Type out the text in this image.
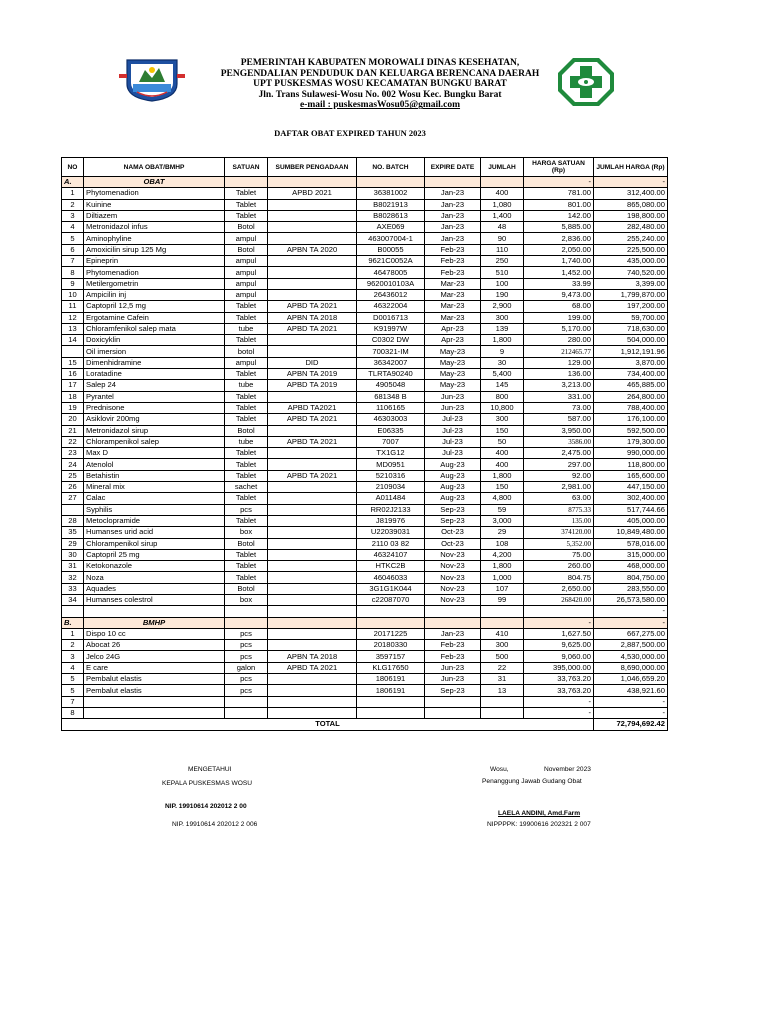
PEMERINTAH KABUPATEN MOROWALI DINAS KESEHATAN,
PENGENDALIAN PENDUDUK DAN KELUARGA BERENCANA DAERAH
UPT PUSKESMAS WOSU KECAMATAN BUNGKU BARAT
Jln. Trans Sulawesi-Wosu No. 002 Wosu Kec. Bungku Barat
e-mail : puskesmasWosu05@gmail.com
DAFTAR OBAT EXPIRED TAHUN 2023
NO	NAMA OBAT/BMHP	SATUAN	SUMBER PENGADAAN	NO. BATCH	EXPIRE DATE	JUMLAH	HARGA SATUAN (Rp)	JUMLAH HARGA (Rp)
A.	OBAT						-	-
1	Phytomenadion	Tablet	APBD 2021	36381002	Jan-23	400	781.00	312,400.00
2	Kuinine	Tablet		B8021913	Jan-23	1,080	801.00	865,080.00
3	Diltiazem	Tablet		B8028613	Jan-23	1,400	142.00	198,800.00
4	Metronidazol infus	Botol		AXE069	Jan-23	48	5,885.00	282,480.00
5	Aminophyline	ampul		463007004-1	Jan-23	90	2,836.00	255,240.00
6	Amoxicilin sirup 125 Mg	Botol	APBN TA 2020	B00055	Feb-23	110	2,050.00	225,500.00
7	Epineprin	ampul		9621C0052A	Feb-23	250	1,740.00	435,000.00
8	Phytomenadion	ampul		46478005	Feb-23	510	1,452.00	740,520.00
9	Metilergometrin	ampul		9620010103A	Mar-23	100	33.99	3,399.00
10	Ampicilin inj	ampul		26436012	Mar-23	190	9,473.00	1,799,870.00
11	Captopril 12,5 mg	Tablet	APBD TA 2021	46322004	Mar-23	2,900	68.00	197,200.00
12	Ergotamine Cafein	Tablet	APBN TA 2018	D0016713	Mar-23	300	199.00	59,700.00
13	Chloramfenikol salep mata	tube	APBD TA 2021	K91997W	Apr-23	139	5,170.00	718,630.00
14	Doxicyklin	Tablet		C0302 DW	Apr-23	1,800	280.00	504,000.00
	Oil imersion	botol		700321-IM	May-23	9	212465.77	1,912,191.96
15	Dimenhidramine	ampul	DID	36342007	May-23	30	129.00	3,870.00
16	Loratadine	Tablet	APBN TA 2019	TLRTA90240	May-23	5,400	136.00	734,400.00
17	Salep 24	tube	APBD TA 2019	4905048	May-23	145	3,213.00	465,885.00
18	Pyrantel	Tablet		681348 B	Jun-23	800	331.00	264,800.00
19	Prednisone	Tablet	APBD TA2021	1106165	Jun-23	10,800	73.00	788,400.00
20	Asiklovir 200mg	Tablet	APBD TA 2021	46303003	Jul-23	300	587.00	176,100.00
21	Metronidazol sirup	Botol		E06335	Jul-23	150	3,950.00	592,500.00
22	Chlorampenikol salep	tube	APBD TA 2021	7007	Jul-23	50	3586.00	179,300.00
23	Max D	Tablet		TX1G12	Jul-23	400	2,475.00	990,000.00
24	Atenolol	Tablet		MD0951	Aug-23	400	297.00	118,800.00
25	Betahistin	Tablet	APBD TA 2021	5210316	Aug-23	1,800	92.00	165,600.00
26	Mineral mix	sachet		2109034	Aug-23	150	2,981.00	447,150.00
27	Calac	Tablet		A011484	Aug-23	4,800	63.00	302,400.00
	Syphilis	pcs		RR02J2133	Sep-23	59	8775.33	517,744.66
28	Metoclopramide	Tablet		J819976	Sep-23	3,000	135.00	405,000.00
35	Humanses urid acid	box		U22039031	Oct-23	29	374120.00	10,849,480.00
29	Chlorampenikol sirup	Botol		2110 03 82	Oct-23	108	5,352.00	578,016.00
30	Captopril 25 mg	Tablet		46324107	Nov-23	4,200	75.00	315,000.00
31	Ketokonazole	Tablet		HTKC2B	Nov-23	1,800	260.00	468,000.00
32	Noza	Tablet		46046033	Nov-23	1,000	804.75	804,750.00
33	Aquades	Botol		3G1G1K044	Nov-23	107	2,650.00	283,550.00
34	Humanses colestrol	box		c22087070	Nov-23	99	268420.00	26,573,580.00
								-
B.	BMHP						-	-
1	Dispo 10 cc	pcs		20171225	Jan-23	410	1,627.50	667,275.00
2	Abocat 26	pcs		20180330	Feb-23	300	9,625.00	2,887,500.00
3	Jelco 24G	pcs	APBN TA 2018	3597157	Feb-23	500	9,060.00	4,530,000.00
4	E care	galon	APBD TA 2021	KLG17650	Jun-23	22	395,000.00	8,690,000.00
5	Pembalut elastis	pcs		1806191	Jun-23	31	33,763.20	1,046,659.20
5	Pembalut elastis	pcs		1806191	Sep-23	13	33,763.20	438,921.60
7							-	-
8							-	-
TOTAL								72,794,692.42
MENGETAHUI
KEPALA PUSKESMAS WOSU
NIP. 19910614 202012 2 00
NIP. 19910614 202012 2 006
Wosu,	November 2023
Penanggung Jawab Gudang Obat
LAELA ANDINI, Amd.Farm
NIPPPPK: 19900616 202321 2 007
